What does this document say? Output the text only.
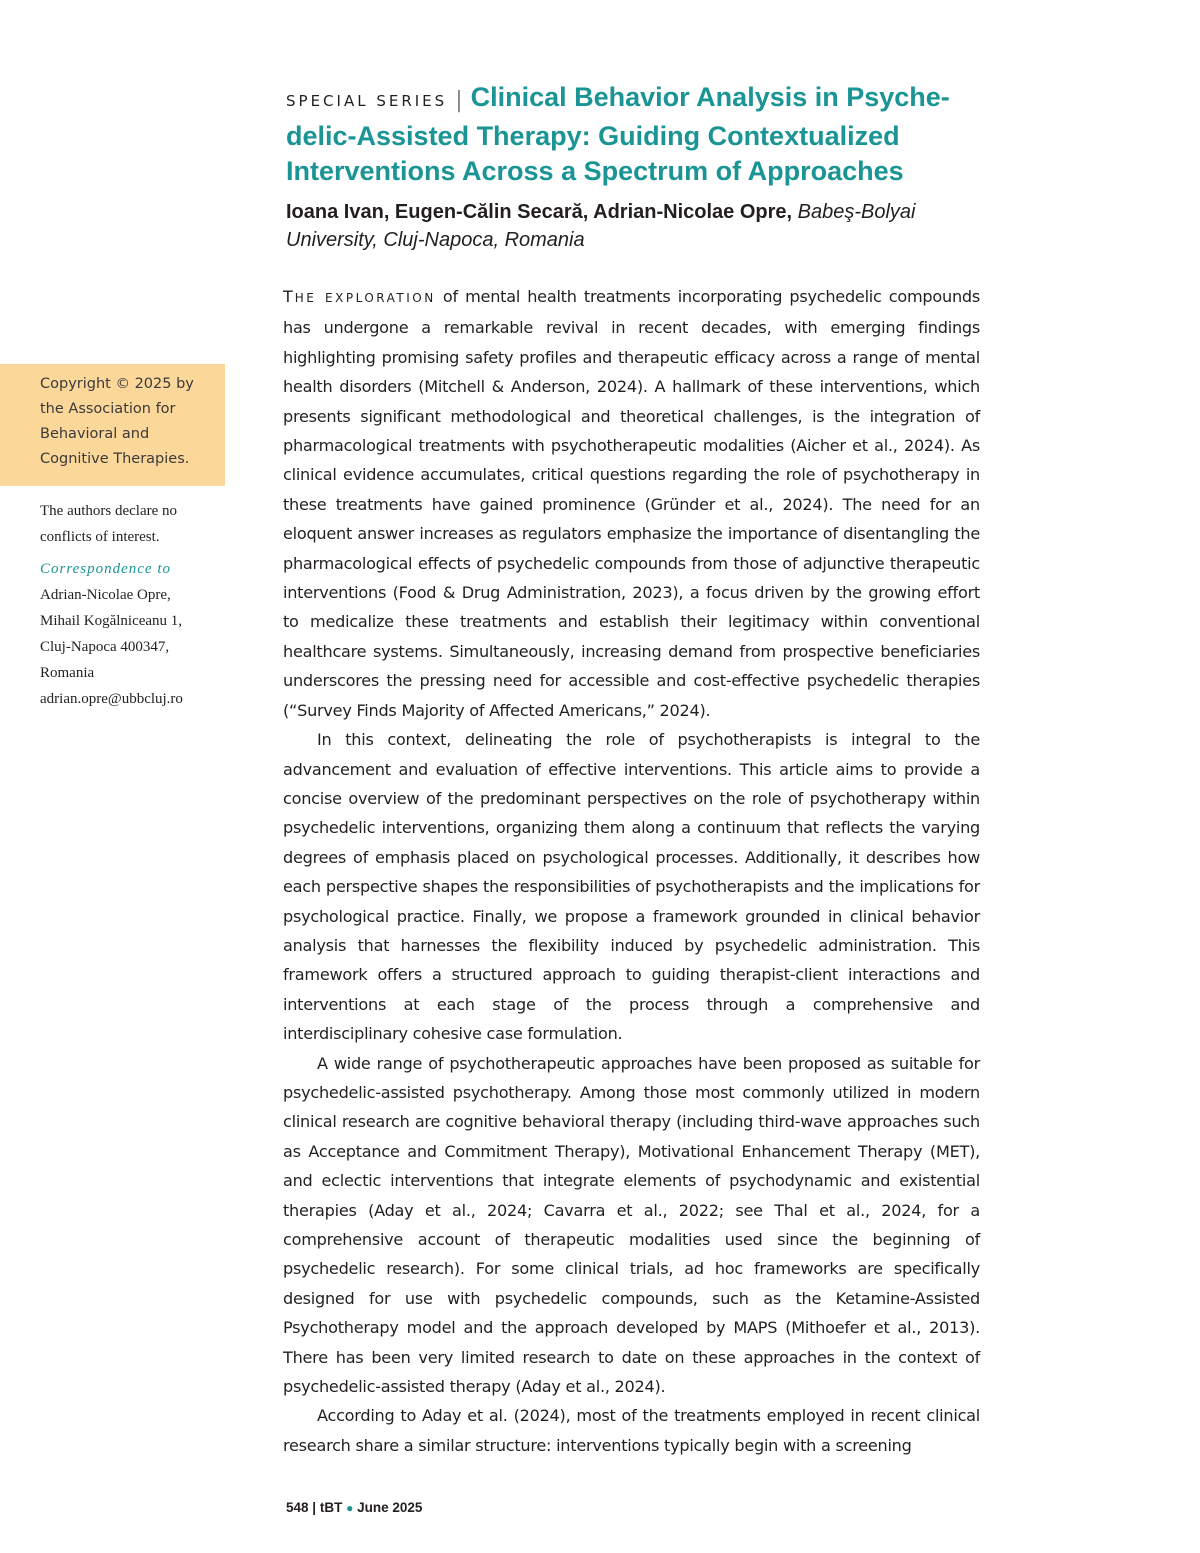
SPECIAL SERIES | Clinical Behavior Analysis in Psyche-

delic-Assisted Therapy: Guiding Contextualized

Interventions Across a Spectrum of Approaches

Ioana Ivan, Eugen-Călin Secară, Adrian-Nicolae Opre, Babeş-Bolyai University, Cluj-Napoca, Romania

Copyright © 2025 by the Association for Behavioral and Cognitive Therapies.

The authors declare no conflicts of interest.

Correspondence to

Adrian-Nicolae Opre,

Mihail Kogălniceanu 1,

Cluj-Napoca 400347,

Romania

adrian.opre@ubbcluj.ro

THE EXPLORATION of mental health treatments incorporating psychedelic compounds has undergone a remarkable revival in recent decades, with emerging findings highlighting promising safety profiles and therapeutic efficacy across a range of mental health disorders (Mitchell & Anderson, 2024). A hallmark of these interventions, which presents significant methodological and theoretical challenges, is the integration of pharmacological treatments with psychotherapeutic modalities (Aicher et al., 2024). As clinical evidence accumulates, critical questions regarding the role of psychotherapy in these treatments have gained prominence (Gründer et al., 2024). The need for an eloquent answer increases as regulators emphasize the importance of disentangling the pharmacological effects of psychedelic compounds from those of adjunctive therapeutic interventions (Food & Drug Administration, 2023), a focus driven by the growing effort to medicalize these treatments and establish their legitimacy within conventional healthcare systems. Simultaneously, increasing demand from prospective beneficiaries underscores the pressing need for accessible and cost-effective psychedelic therapies (“Survey Finds Majority of Affected Americans,” 2024).

In this context, delineating the role of psychotherapists is integral to the advancement and evaluation of effective interventions. This article aims to provide a concise overview of the predominant perspectives on the role of psychotherapy within psychedelic interventions, organizing them along a continuum that reflects the varying degrees of emphasis placed on psychological processes. Additionally, it describes how each perspective shapes the responsibilities of psychotherapists and the implications for psychological practice. Finally, we propose a framework grounded in clinical behavior analysis that harnesses the flexibility induced by psychedelic administration. This framework offers a structured approach to guiding therapist-client interactions and interventions at each stage of the process through a comprehensive and interdisciplinary cohesive case formulation.

A wide range of psychotherapeutic approaches have been proposed as suitable for psychedelic-assisted psychotherapy. Among those most commonly utilized in modern clinical research are cognitive behavioral therapy (including third-wave approaches such as Acceptance and Commitment Therapy), Motivational Enhancement Therapy (MET), and eclectic interventions that integrate elements of psychodynamic and existential therapies (Aday et al., 2024; Cavarra et al., 2022; see Thal et al., 2024, for a comprehensive account of therapeutic modalities used since the beginning of psychedelic research). For some clinical trials, ad hoc frameworks are specifically designed for use with psychedelic compounds, such as the Ketamine-Assisted Psychotherapy model and the approach developed by MAPS (Mithoefer et al., 2013). There has been very limited research to date on these approaches in the context of psychedelic-assisted therapy (Aday et al., 2024).

According to Aday et al. (2024), most of the treatments employed in recent clinical research share a similar structure: interventions typically begin with a screening

548 | tBT ● June 2025
